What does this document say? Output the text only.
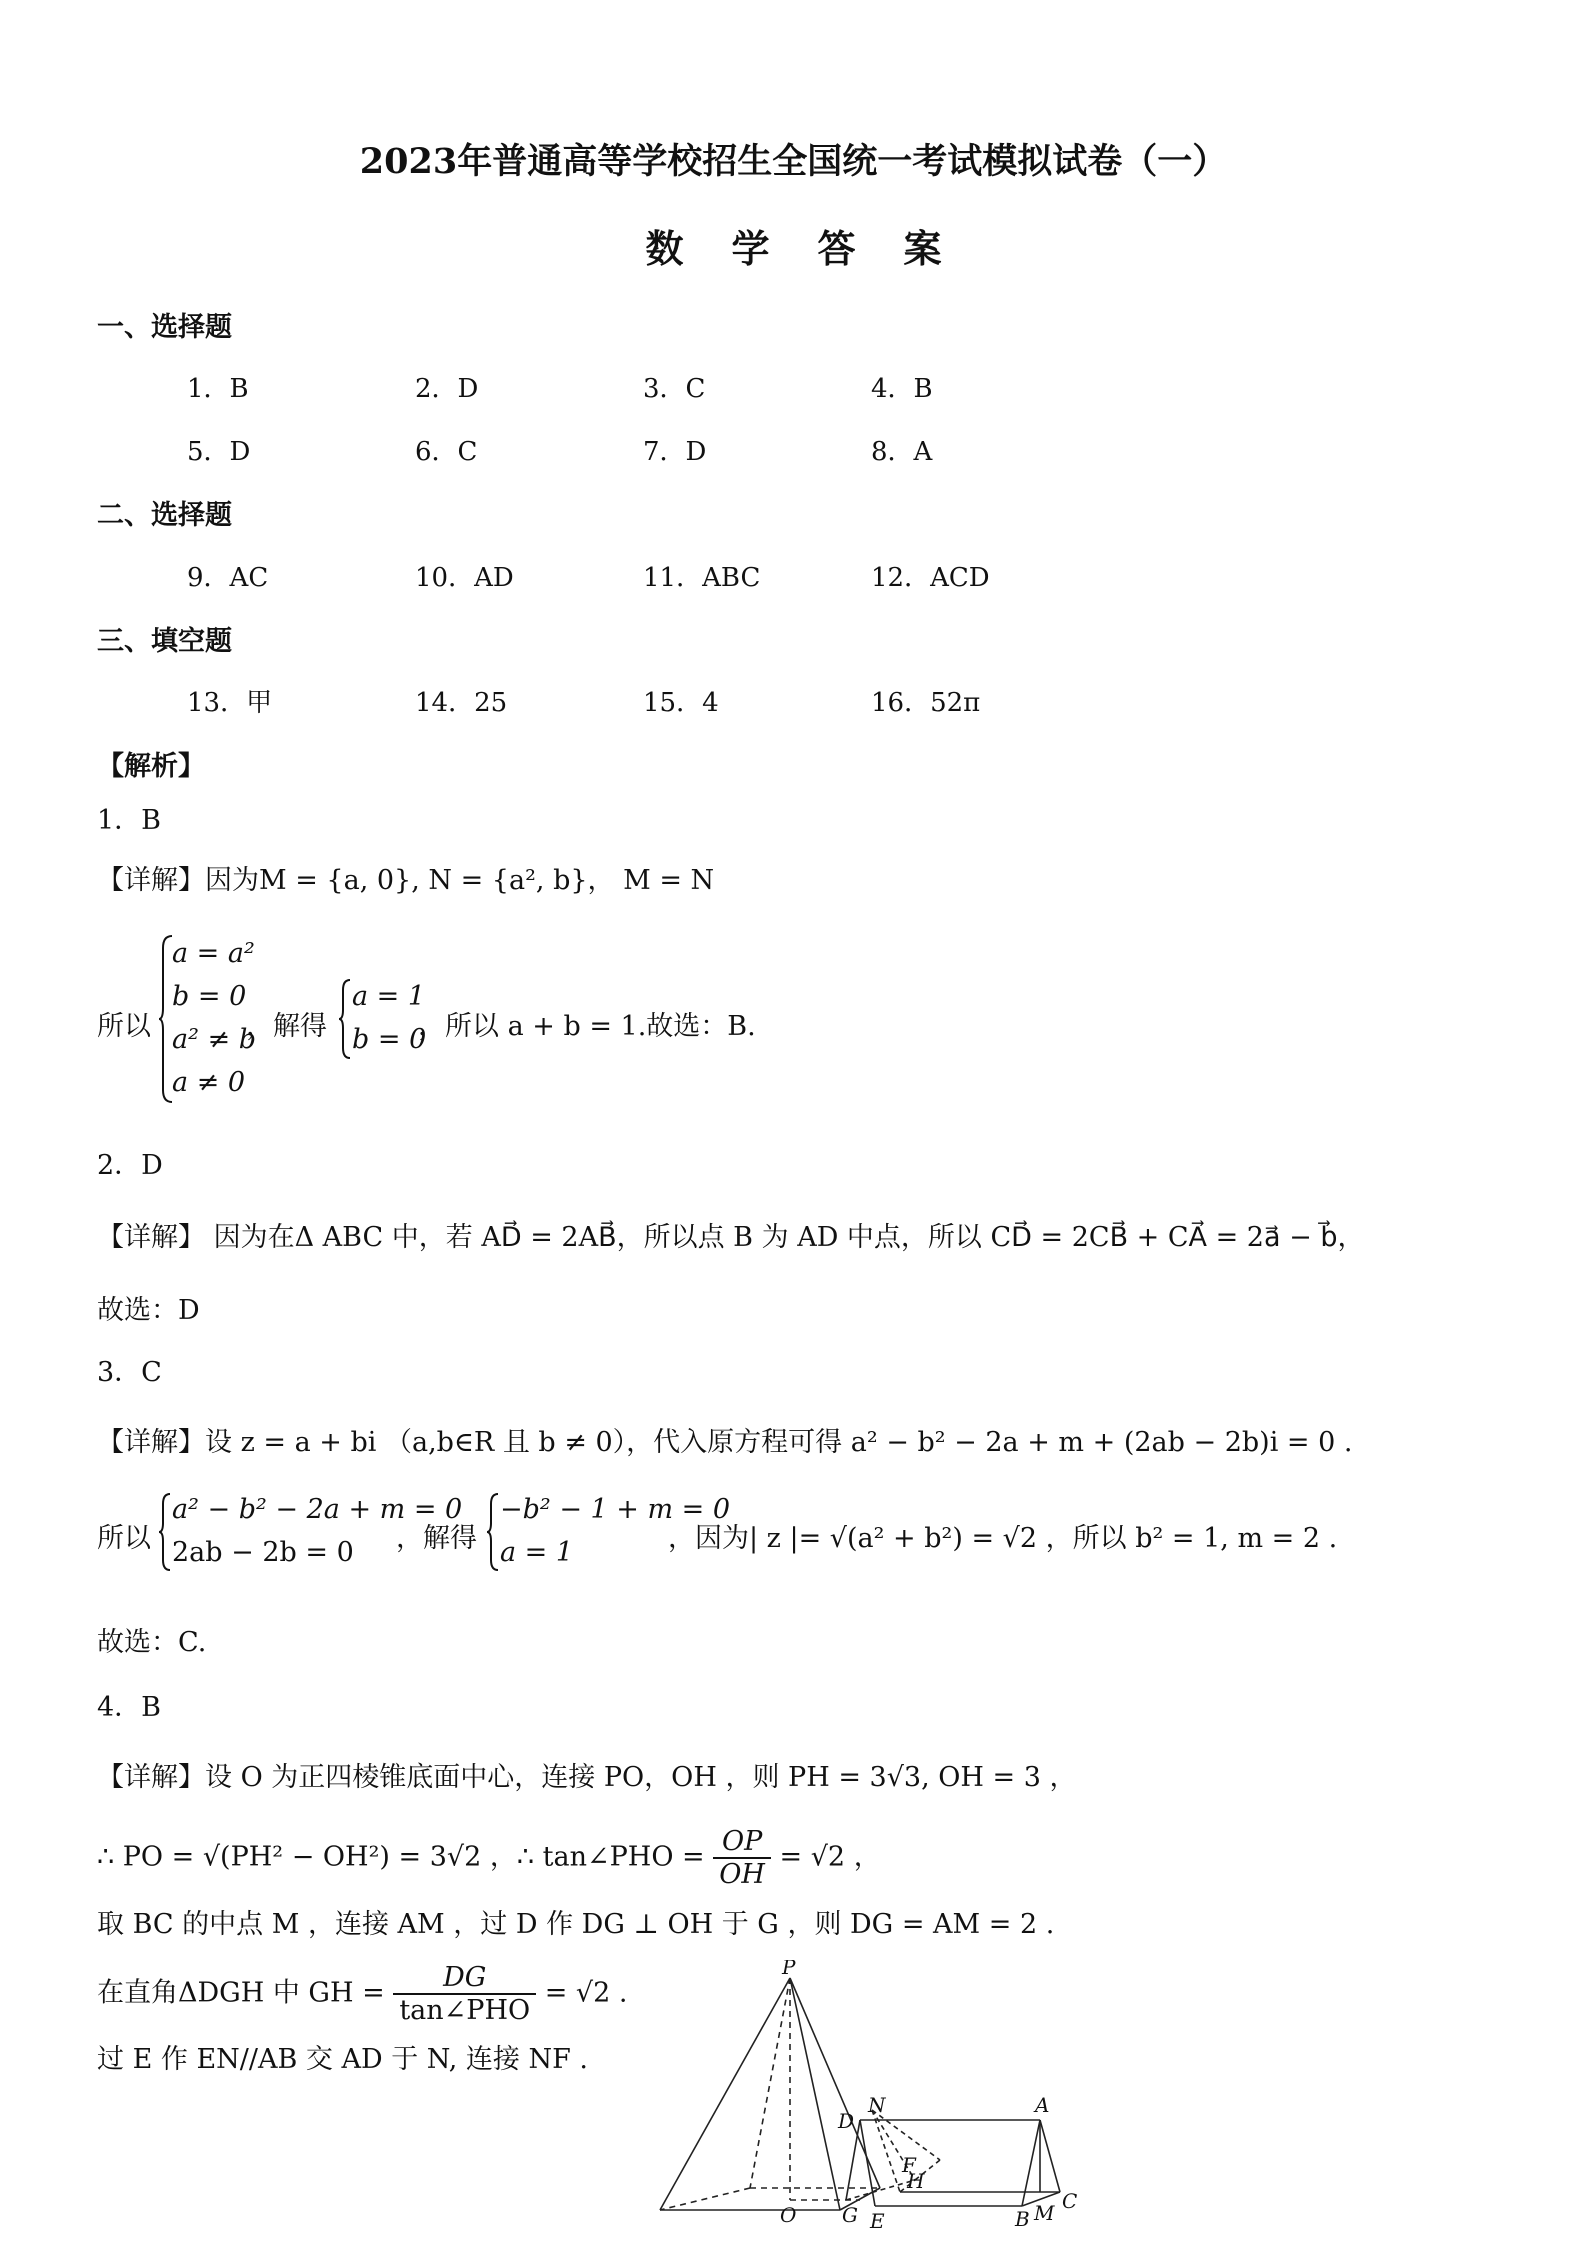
2023年普通高等学校招生全国统一考试模拟试卷（一）
数学答案
一、选择题
1．B	2．D	3．C	4．B
5．D	6．C	7．D	8．A
二、选择题
9．AC	10．AD	11．ABC	12．ACD
三、填空题
13．甲	14．25	15．4	16．52π
【解析】
1．B
【详解】因为M = {a, 0}, N = {a², b}， M = N
所以
a = a²
b = 0
a² ≠ b
a ≠ 0
，解得
a = 1
b = 0
，所以 a + b = 1.故选：B.
2．D
【详解】 因为在Δ ABC 中，若 AD⃗ = 2AB⃗，所以点 B 为 AD 中点，所以 CD⃗ = 2CB⃗ + CA⃗ = 2a⃗ − b⃗，
故选：D
3．C
【详解】设 z = a + bi （a,b∈R 且 b ≠ 0），代入原方程可得 a² − b² − 2a + m + (2ab − 2b)i = 0 .
所以
a² − b² − 2a + m = 0
2ab − 2b = 0 ，解得
−b² − 1 + m = 0
a = 1	，因为| z |= √(a² + b²) = √2 ，所以 b² = 1, m = 2 .
故选：C.
4．B
【详解】设 O 为正四棱锥底面中心，连接 PO，OH ，则 PH = 3√3, OH = 3 ，
∴ PO = √(PH² − OH²) = 3√2 ，∴ tan∠PHO = $\frac{OP}{OH} = √2$ ，
取 BC 的中点 M ，连接 AM ，过 D 作 DG ⊥ OH 于 G ，则 DG = AM = 2 .
在直角ΔDGH 中 GH = $\frac{DG}{\text{tan∠PHO}} = √2$ .
过 E 作 EN//AB 交 AD 于 N, 连接 NF .
P
D
N
F
H
O G E
A
C
B M
